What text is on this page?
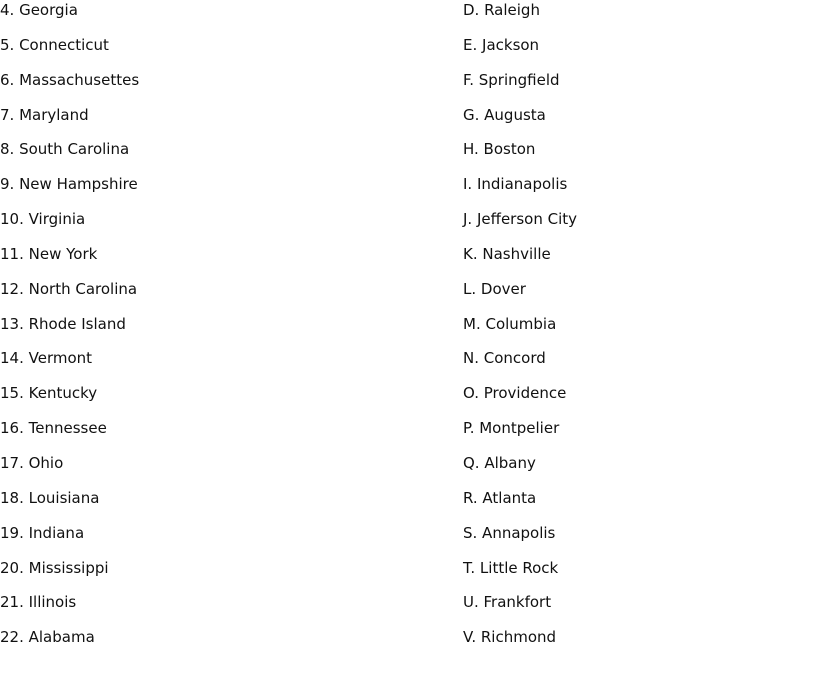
4. Georgia
5. Connecticut
6. Massachusettes
7. Maryland
8. South Carolina
9. New Hampshire
10. Virginia
11. New York
12. North Carolina
13. Rhode Island
14. Vermont
15. Kentucky
16. Tennessee
17. Ohio
18. Louisiana
19. Indiana
20. Mississippi
21. Illinois
22. Alabama
D. Raleigh
E. Jackson
F. Springfield
G. Augusta
H. Boston
I. Indianapolis
J. Jefferson City
K. Nashville
L. Dover
M. Columbia
N. Concord
O. Providence
P. Montpelier
Q. Albany
R. Atlanta
S. Annapolis
T. Little Rock
U. Frankfort
V. Richmond
